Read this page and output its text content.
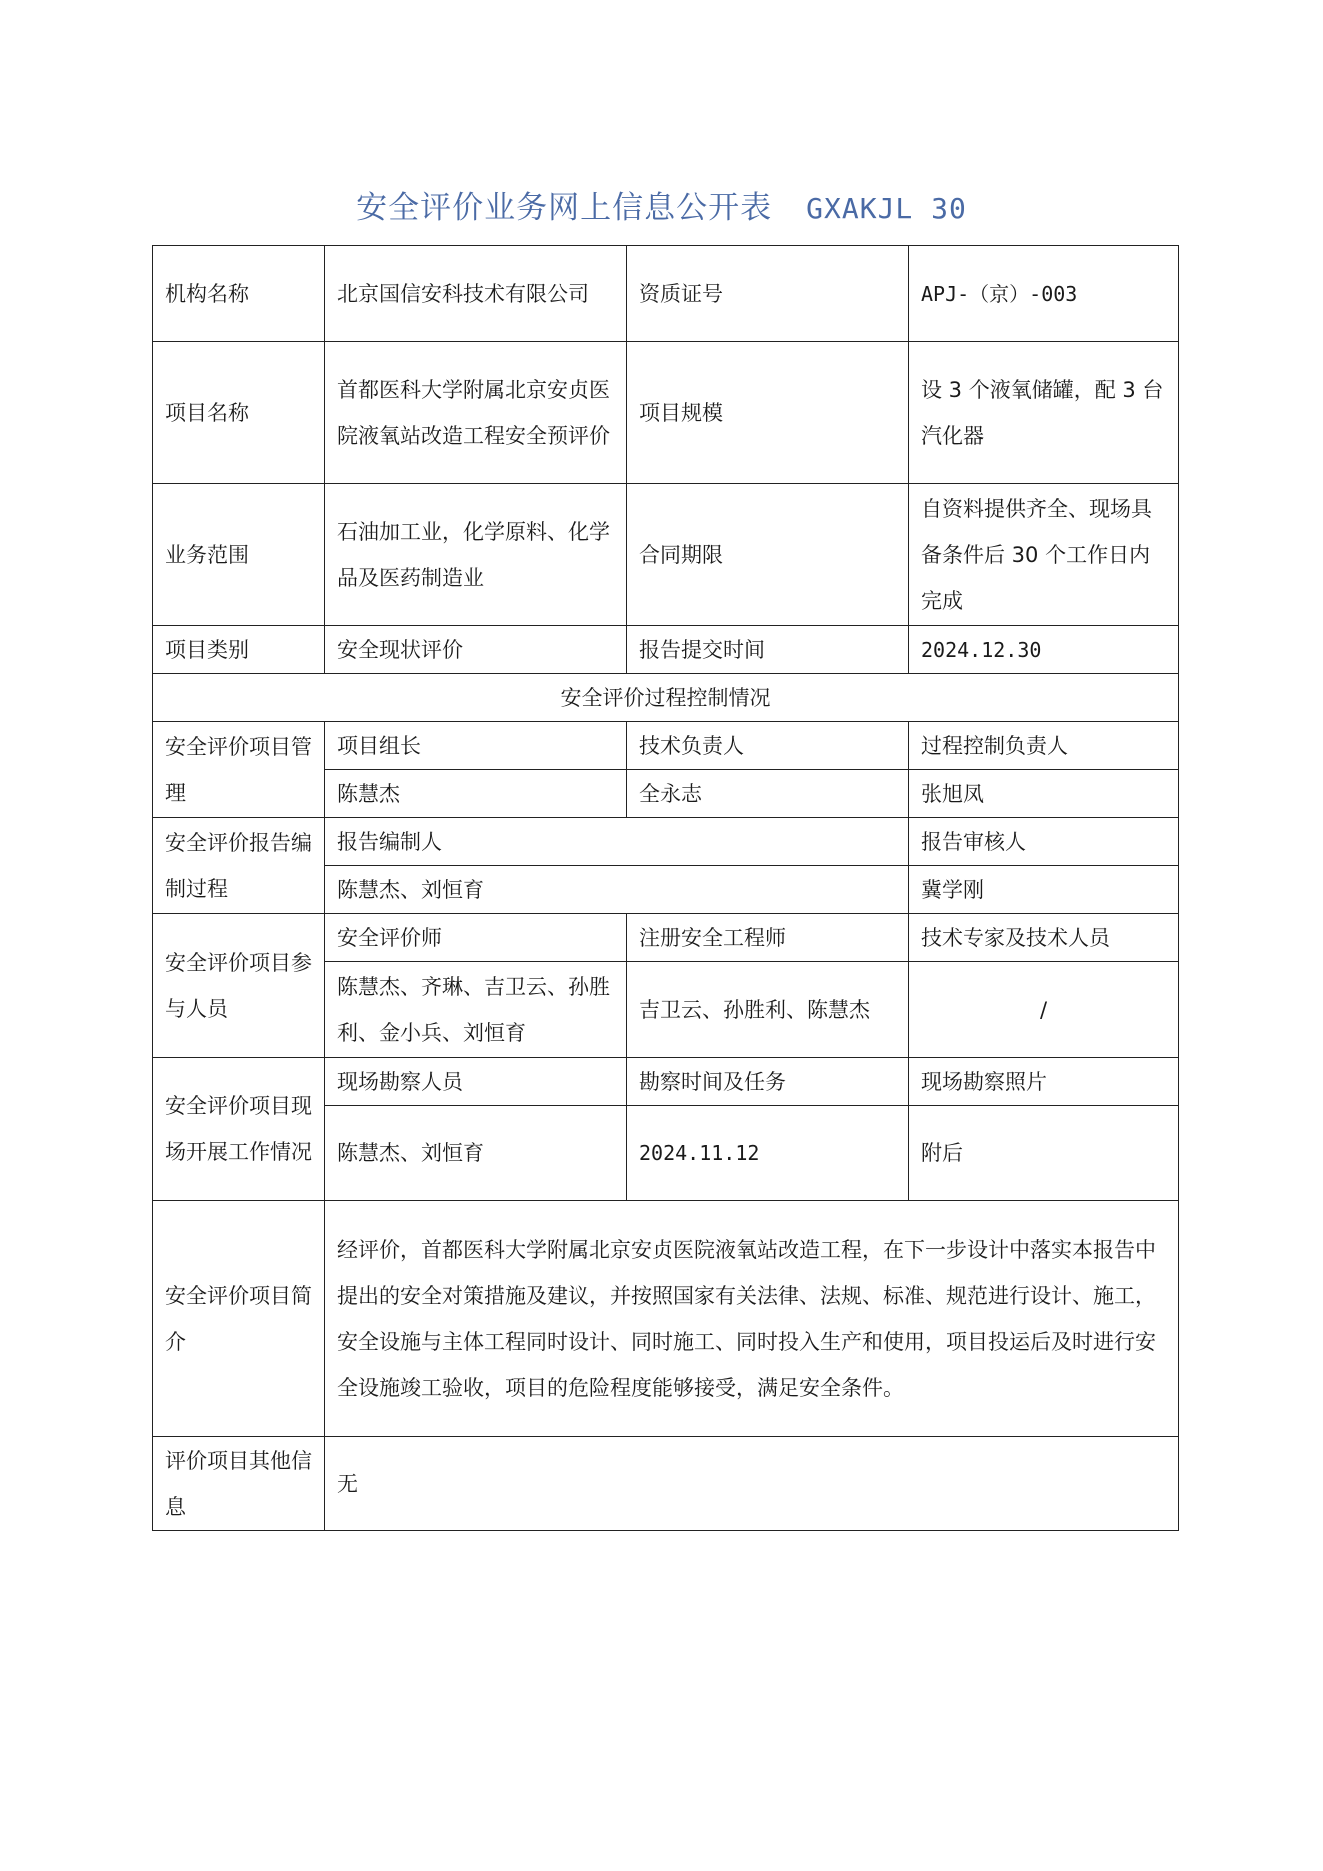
安全评价业务网上信息公开表 GXAKJL 30
机构名称	北京国信安科技术有限公司	资质证号	APJ-（京）-003
项目名称	首都医科大学附属北京安贞医院液氧站改造工程安全预评价	项目规模	设 3 个液氧储罐，配 3 台汽化器
业务范围	石油加工业，化学原料、化学品及医药制造业	合同期限	自资料提供齐全、现场具备条件后 30 个工作日内完成
项目类别	安全现状评价	报告提交时间	2024.12.30
安全评价过程控制情况			
安全评价项目管理	项目组长	技术负责人	过程控制负责人
	陈慧杰	全永志	张旭凤
安全评价报告编制过程	报告编制人		报告审核人
	陈慧杰、刘恒育		冀学刚
安全评价项目参与人员	安全评价师	注册安全工程师	技术专家及技术人员
	陈慧杰、齐琳、吉卫云、孙胜利、金小兵、刘恒育	吉卫云、孙胜利、陈慧杰	/
安全评价项目现场开展工作情况	现场勘察人员	勘察时间及任务	现场勘察照片
	陈慧杰、刘恒育	2024.11.12	附后
安全评价项目简介	经评价，首都医科大学附属北京安贞医院液氧站改造工程，在下一步设计中落实本报告中提出的安全对策措施及建议，并按照国家有关法律、法规、标准、规范进行设计、施工，安全设施与主体工程同时设计、同时施工、同时投入生产和使用，项目投运后及时进行安全设施竣工验收，项目的危险程度能够接受，满足安全条件。		
评价项目其他信息	无		
